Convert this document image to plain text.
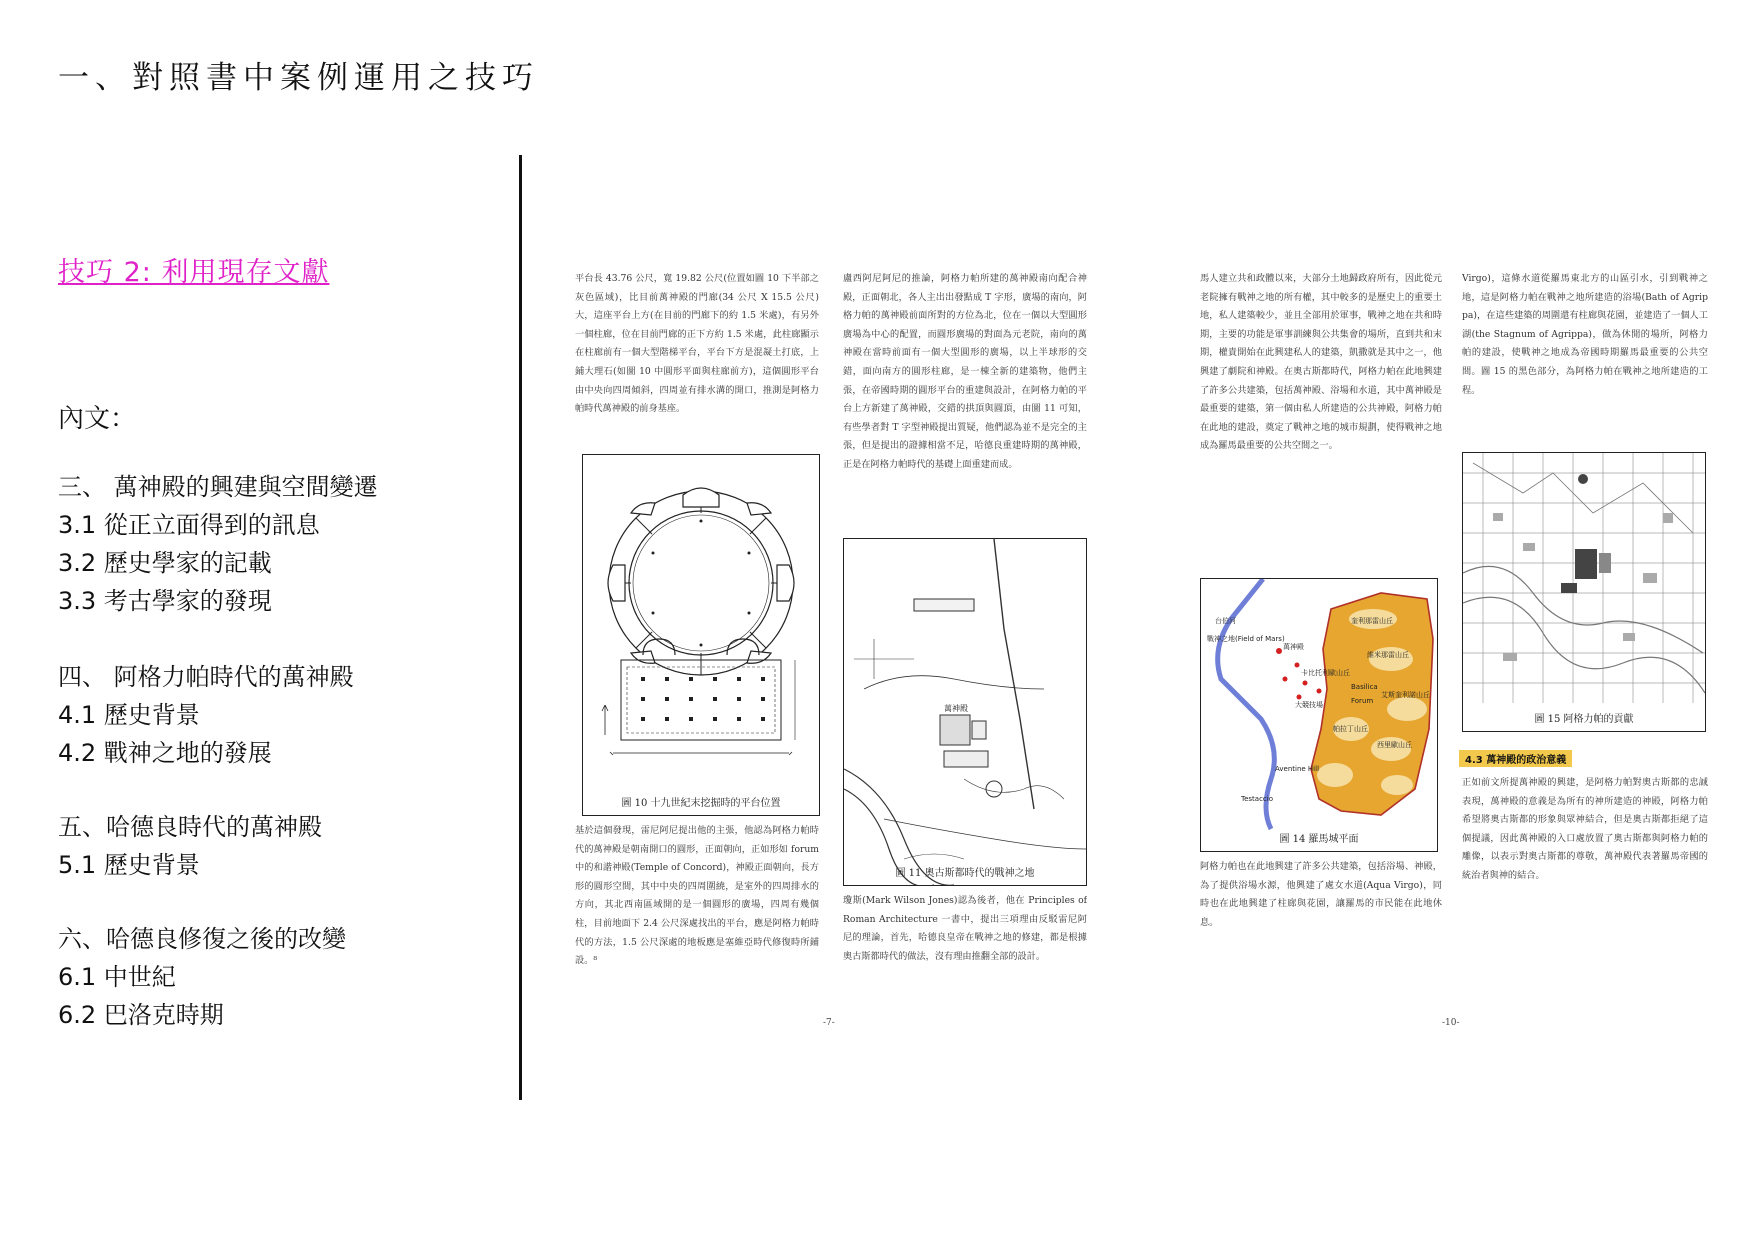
一、對照書中案例運用之技巧
技巧 2: 利用現存文獻
內文：
三、 萬神殿的興建與空間變遷
3.1 從正立面得到的訊息
3.2 歷史學家的記載
3.3 考古學家的發現
四、 阿格力帕時代的萬神殿
4.1 歷史背景
4.2 戰神之地的發展
五、哈德良時代的萬神殿
5.1 歷史背景
六、哈德良修復之後的改變
6.1 中世紀
6.2 巴洛克時期
平台長 43.76 公尺，寬 19.82 公尺(位置如圖 10 下半部之灰色區域)，比目前萬神殿的門廊(34 公尺 X 15.5 公尺)大，這座平台上方(在目前的門廊下的約 1.5 米處)，有另外一個柱廊，位在目前門廊的正下方約 1.5 米處，此柱廊顯示在柱廊前有一個大型階梯平台，平台下方是混凝土打底，上鋪大理石(如圖 10 中圓形平面與柱廊前方)，這個圓形平台由中央向四周傾斜，四周並有排水溝的開口，推測是阿格力帕時代萬神殿的前身基座。
圖 10 十九世紀末挖掘時的平台位置
基於這個發現，雷尼阿尼提出他的主張，他認為阿格力帕時代的萬神殿是朝南開口的圓形，正面朝向，正如形如 forum 中的和諧神殿(Temple of Concord)，神殿正面朝向，長方形的圓形空間，其中中央的四周圍繞，是室外的四周排水的方向，其北西南區域開的是一個圓形的廣場，四周有幾個柱，目前地面下 2.4 公尺深處找出的平台，應是阿格力帕時代的方法，1.5 公尺深處的地板應是塞維亞時代修復時所鋪設。⁸
盧西阿尼阿尼的推論，阿格力帕所建的萬神殿南向配合神殿，正面朝北，各人主出出發點成 T 字形，廣場的南向，阿格力帕的萬神殿前面所對的方位為北，位在一個以大型圓形廣場為中心的配置，而圓形廣場的對面為元老院，南向的萬神殿在當時前面有一個大型圓形的廣場，以上半球形的交錯，面向南方的圓形柱廊，是一棟全新的建築物，他們主張，在帝國時期的圓形平台的重建與設計，在阿格力帕的平台上方新建了萬神殿，交錯的拱頂與圓頂，由圖 11 可知，有些學者對 T 字型神殿提出質疑，他們認為並不是完全的主張，但是提出的證據相當不足，哈德良重建時期的萬神殿，正是在阿格力帕時代的基礎上面重建而成。
萬神殿
圖 11 奧古斯都時代的戰神之地
瓊斯(Mark Wilson Jones)認為後者，他在 Principles of Roman Architecture 一書中，提出三項理由反駁雷尼阿尼的理論，首先，哈德良皇帝在戰神之地的修建，都是根據奧古斯都時代的做法，沒有理由推翻全部的設計。
-7-
馬人建立共和政體以來，大部分土地歸政府所有，因此從元老院擁有戰神之地的所有權，其中較多的是歷史上的重要土地，私人建築較少，並且全部用於軍事，戰神之地在共和時期，主要的功能是軍事訓練與公共集會的場所，直到共和末期，權貴開始在此興建私人的建築，凱撒就是其中之一，他興建了劇院和神殿。在奧古斯都時代，阿格力帕在此地興建了許多公共建築，包括萬神殿、浴場和水道，其中萬神殿是最重要的建築，第一個由私人所建造的公共神殿，阿格力帕在此地的建設，奠定了戰神之地的城市規劃，使得戰神之地成為羅馬最重要的公共空間之一。
台伯河
戰神之地(Field of Mars)
萬神殿
奎利那雷山丘
維米那雷山丘
卡比托利歐山丘
Basilica
Forum
艾斯奎利諾山丘
大競技場
帕拉丁山丘
西里歐山丘
Aventine Hill
Testaccio
圖 14 羅馬城平面
阿格力帕也在此地興建了許多公共建築，包括浴場、神殿，為了提供浴場水源，他興建了處女水道(Aqua Virgo)，同時也在此地興建了柱廊與花園，讓羅馬的市民能在此地休息。
Virgo)，這條水道從羅馬東北方的山區引水，引到戰神之地，這是阿格力帕在戰神之地所建造的浴場(Bath of Agrippa)，在這些建築的周圍還有柱廊與花園，並建造了一個人工湖(the Stagnum of Agrippa)，做為休閒的場所，阿格力帕的建設，使戰神之地成為帝國時期羅馬最重要的公共空間。圖 15 的黑色部分，為阿格力帕在戰神之地所建造的工程。
圖 15 阿格力帕的貢獻
4.3 萬神殿的政治意義
正如前文所提萬神殿的興建，是阿格力帕對奧古斯都的忠誠表現，萬神殿的意義是為所有的神所建造的神殿，阿格力帕希望將奧古斯都的形象與眾神結合，但是奧古斯都拒絕了這個提議，因此萬神殿的入口處放置了奧古斯都與阿格力帕的雕像，以表示對奧古斯都的尊敬，萬神殿代表著羅馬帝國的統治者與神的結合。
-10-
